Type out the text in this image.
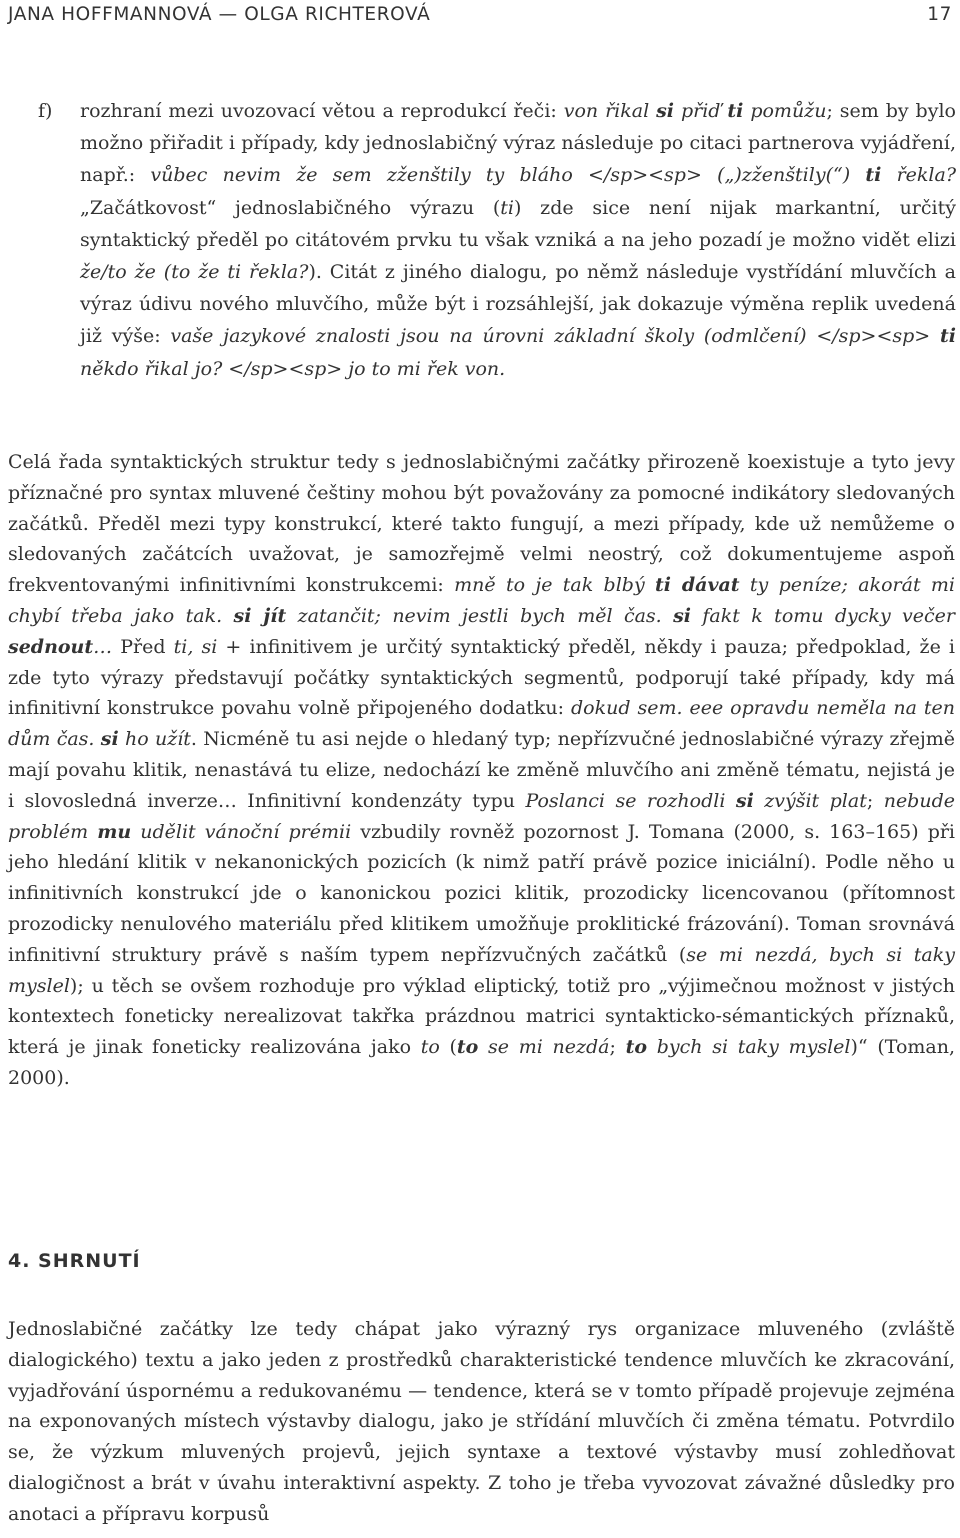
JANA HOFFMANNOVÁ — OLGA RICHTEROVÁ	17
f)	rozhraní mezi uvozovací větou a reprodukcí řeči: von řikal si přiď ti pomůžu; sem by bylo možno přiřadit i případy, kdy jednoslabičný výraz následuje po citaci partnerova vyjádření, např.: vůbec nevim že sem zženštily ty bláho </sp><sp> („)zženštily(“) ti řekla? „Začátkovost“ jednoslabičného výrazu (ti) zde sice není nijak markantní, určitý syntaktický předěl po citátovém prvku tu však vzniká a na jeho pozadí je možno vidět elizi že/to že (to že ti řekla?). Citát z jiného dialogu, po němž následuje vystřídání mluvčích a výraz údivu nového mluvčího, může být i rozsáhlejší, jak dokazuje výměna replik uvedená již výše: vaše jazykové znalosti jsou na úrovni základní školy (odmlčení) </sp><sp> ti někdo řikal jo? </sp><sp> jo to mi řek von.
Celá řada syntaktických struktur tedy s jednoslabičnými začátky přirozeně koexistuje a tyto jevy příznačné pro syntax mluvené češtiny mohou být považovány za pomocné indikátory sledovaných začátků. Předěl mezi typy konstrukcí, které takto fungují, a mezi případy, kde už nemůžeme o sledovaných začátcích uvažovat, je samozřejmě velmi neostrý, což dokumentujeme aspoň frekventovanými infinitivními konstrukcemi: mně to je tak blbý ti dávat ty peníze; akorát mi chybí třeba jako tak. si jít zatančit; nevim jestli bych měl čas. si fakt k tomu dycky večer sednout… Před ti, si + infinitivem je určitý syntaktický předěl, někdy i pauza; předpoklad, že i zde tyto výrazy představují počátky syntaktických segmentů, podporují také případy, kdy má infinitivní konstrukce povahu volně připojeného dodatku: dokud sem. eee opravdu neměla na ten dům čas. si ho užít. Nicméně tu asi nejde o hledaný typ; nepřízvučné jednoslabičné výrazy zřejmě mají povahu klitik, nenastává tu elize, nedochází ke změně mluvčího ani změně tématu, nejistá je i slovosledná inverze… Infinitivní kondenzáty typu Poslanci se rozhodli si zvýšit plat; nebude problém mu udělit vánoční prémii vzbudily rovněž pozornost J. Tomana (2000, s. 163–165) při jeho hledání klitik v nekanonických pozicích (k nimž patří právě pozice iniciální). Podle něho u infinitivních konstrukcí jde o kanonickou pozici klitik, prozodicky licencovanou (přítomnost prozodicky nenulového materiálu před klitikem umožňuje proklitické frázování). Toman srovnává infinitivní struktury právě s naším typem nepřízvučných začátků (se mi nezdá, bych si taky myslel); u těch se ovšem rozhoduje pro výklad eliptický, totiž pro „výjimečnou možnost v jistých kontextech foneticky nerealizovat takřka prázdnou matrici syntakticko-sémantických příznaků, která je jinak foneticky realizována jako to (to se mi nezdá; to bych si taky myslel)“ (Toman, 2000).
4. SHRNUTÍ
Jednoslabičné začátky lze tedy chápat jako výrazný rys organizace mluveného (zvláště dialogického) textu a jako jeden z prostředků charakteristické tendence mluvčích ke zkracování, vyjadřování úspornému a redukovanému — tendence, která se v tomto případě projevuje zejména na exponovaných místech výstavby dialogu, jako je střídání mluvčích či změna tématu. Potvrdilo se, že výzkum mluvených projevů, jejich syntaxe a textové výstavby musí zohledňovat dialogičnost a brát v úvahu interaktivní aspekty. Z toho je třeba vyvozovat závažné důsledky pro anotaci a přípravu korpusů
